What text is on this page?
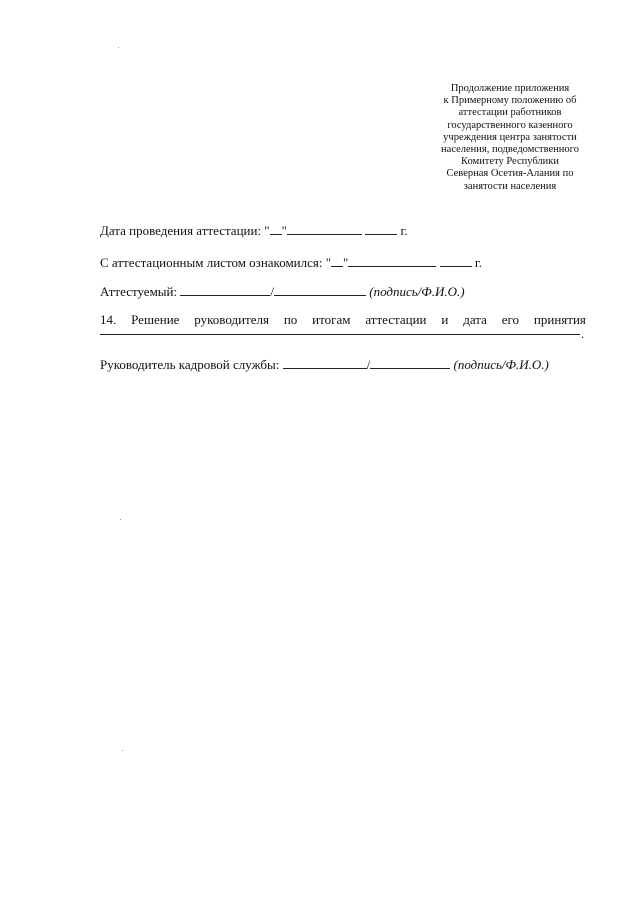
Продолжение приложения
к Примерному положению об
аттестации работников
государственного казенного
учреждения центра занятости
населения, подведомственного
Комитету Республики
Северная Осетия-Алания по
занятости населения
Дата проведения аттестации: " "	г.
С аттестационным листом ознакомился: " "	г.
Аттестуемый:	/	(подпись/Ф.И.О.)
14. Решение руководителя по итогам аттестации и дата его принятия
.
Руководитель кадровой службы:	/	(подпись/Ф.И.О.)
